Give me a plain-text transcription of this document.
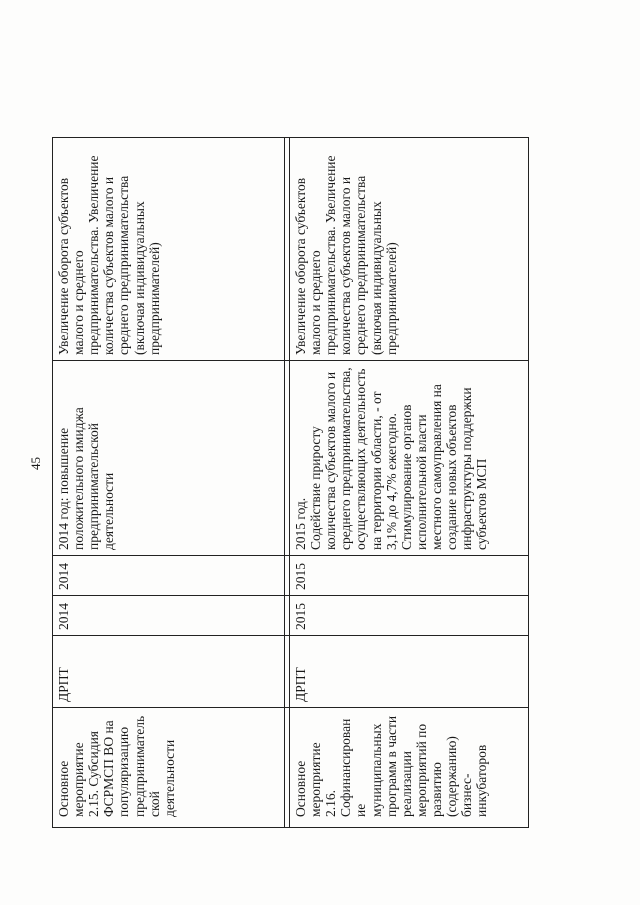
45
Основное мероприятие 2.15. Субсидия ФСРМСП ВО на популяризацию предпринимательской деятельности	ДРПТ	2014	2014	2014 год: повышение положительного имиджа предпринимательской деятельности	Увеличение оборота субъектов малого и среднего предпринимательства. Увеличение количества субъектов малого и среднего предпринимательства (включая индивидуальных предпринимателей)

Основное мероприятие 2.16. Софинансирование муниципальных программ в части реализации мероприятий по развитию (содержанию) бизнес-инкубаторов	ДРПТ	2015	2015	2015 год. Содействие приросту количества субъектов малого и среднего предпринимательства, осуществляющих деятельность на территории области, - от 3,1% до 4,7% ежегодно. Стимулирование органов исполнительной власти местного самоуправления на создание новых объектов инфраструктуры поддержки субъектов МСП	Увеличение оборота субъектов малого и среднего предпринимательства. Увеличение количества субъектов малого и среднего предпринимательства (включая индивидуальных предпринимателей)
